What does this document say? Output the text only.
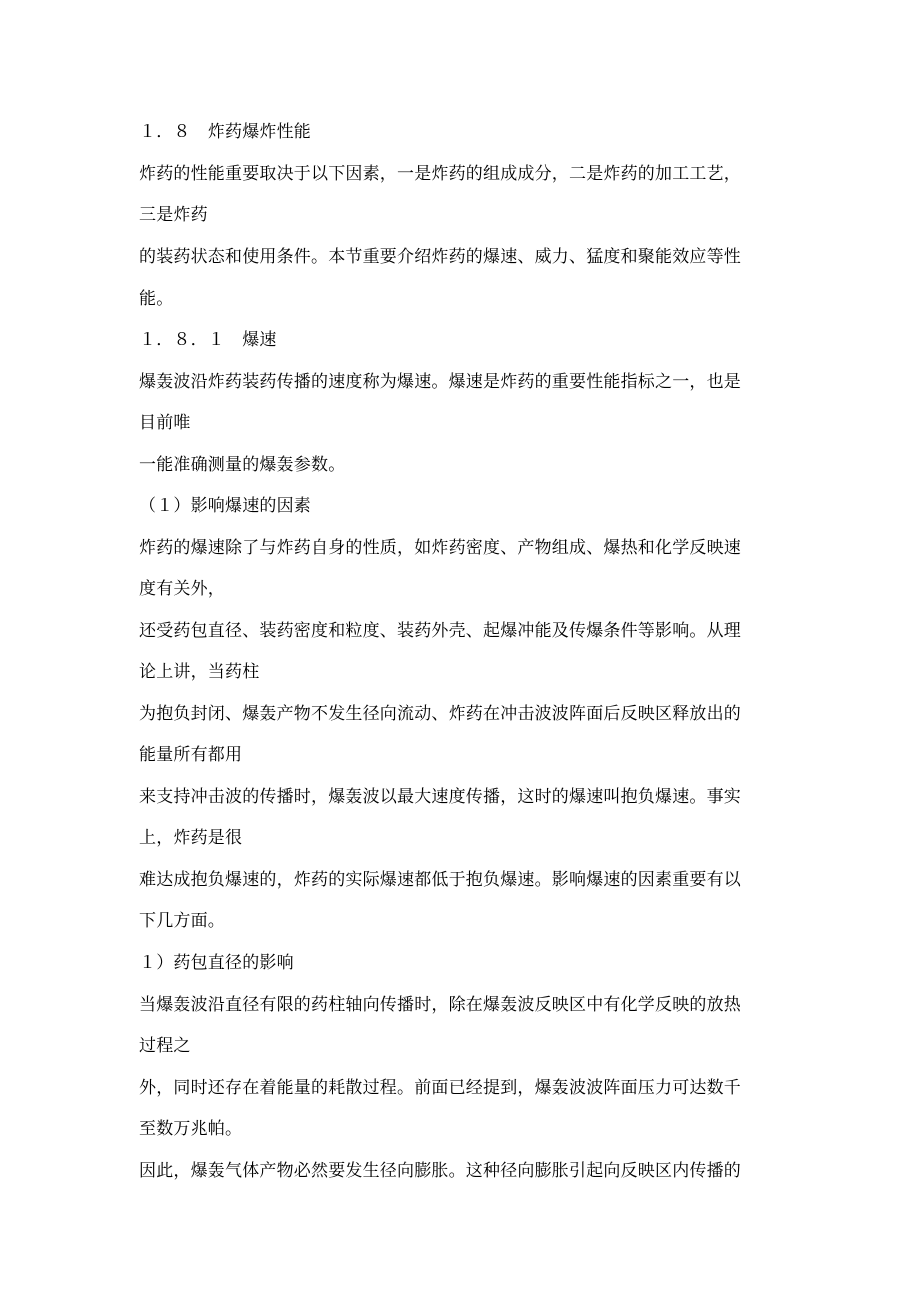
１．８　炸药爆炸性能
炸药的性能重要取决于以下因素，一是炸药的组成成分，二是炸药的加工工艺，
三是炸药
的装药状态和使用条件。本节重要介绍炸药的爆速、威力、猛度和聚能效应等性
能。
１．８．１　爆速
爆轰波沿炸药装药传播的速度称为爆速。爆速是炸药的重要性能指标之一，也是
目前唯
一能准确测量的爆轰参数。
（１）影响爆速的因素
炸药的爆速除了与炸药自身的性质，如炸药密度、产物组成、爆热和化学反映速
度有关外，
还受药包直径、装药密度和粒度、装药外壳、起爆冲能及传爆条件等影响。从理
论上讲，当药柱
为抱负封闭、爆轰产物不发生径向流动、炸药在冲击波波阵面后反映区释放出的
能量所有都用
来支持冲击波的传播时，爆轰波以最大速度传播，这时的爆速叫抱负爆速。事实
上，炸药是很
难达成抱负爆速的，炸药的实际爆速都低于抱负爆速。影响爆速的因素重要有以
下几方面。
１）药包直径的影响
当爆轰波沿直径有限的药柱轴向传播时，除在爆轰波反映区中有化学反映的放热
过程之
外，同时还存在着能量的耗散过程。前面已经提到，爆轰波波阵面压力可达数千
至数万兆帕。
因此，爆轰气体产物必然要发生径向膨胀。这种径向膨胀引起向反映区内传播的
